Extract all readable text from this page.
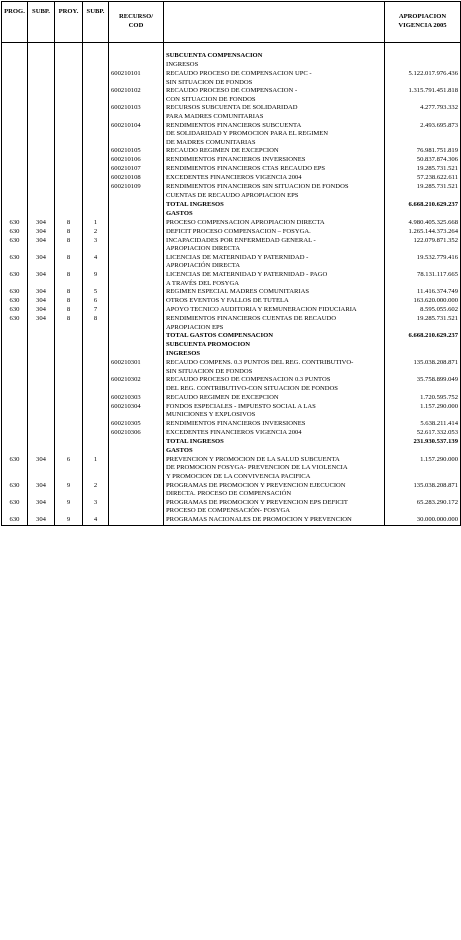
PROG.	SUBP.	PROY.	SUBP.	RECURSO/
COD		APROPIACION
VIGENCIA 2005

					SUBCUENTA COMPENSACION	

					INGRESOS	

				600210101	RECAUDO PROCESO DE COMPENSACION UPC -
SIN SITUACION DE FONDOS	5.122.017.976.436
				600210102	RECAUDO PROCESO DE COMPENSACION -
CON SITUACION DE FONDOS	1.315.791.451.818
				600210103	RECURSOS SUBCUENTA DE SOLIDARIDAD
PARA MADRES COMUNITARIAS	4.277.793.332
				600210104	RENDIMIENTOS FINANCIEROS SUBCUENTA
DE SOLIDARIDAD Y PROMOCION PARA EL REGIMEN
DE MADRES COMUNITARIAS	2.493.695.873
				600210105	RECAUDO REGIMEN DE EXCEPCION	76.981.751.819
				600210106	RENDIMIENTOS FINANCIEROS INVERSIONES	50.837.874.306
				600210107	RENDIMIENTOS FINANCIEROS CTAS RECAUDO EPS	19.285.731.521
				600210108	EXCEDENTES FINANCIEROS VIGENCIA 2004	57.238.622.611
				600210109	RENDIMIENTOS FINANCIEROS SIN SITUACION DE FONDOS
CUENTAS DE RECAUDO APROPIACION EPS	19.285.731.521

					TOTAL INGRESOS	6.668.210.629.237

					GASTOS	

630	304	8	1		PROCESO COMPENSACION APROPIACION DIRECTA	4.980.405.325.668
630	304	8	2		DEFICIT PROCESO COMPENSACION – FOSYGA.	1.265.144.373.264
630	304	8	3		INCAPACIDADES POR ENFERMEDAD GENERAL -
APROPIACION DIRECTA	122.079.871.352
630	304	8	4		LICENCIAS DE MATERNIDAD Y PATERNIDAD -
APROPIACIÓN DIRECTA	19.532.779.416
630	304	8	9		LICENCIAS DE MATERNIDAD Y PATERNIDAD - PAGO
A TRAVÉS DEL FOSYGA	78.131.117.665
630	304	8	5		REGIMEN ESPECIAL MADRES COMUNITARIAS	11.416.374.749
630	304	8	6		OTROS EVENTOS Y FALLOS DE TUTELA	163.620.000.000
630	304	8	7		APOYO TECNICO AUDITORIA Y REMUNERACION FIDUCIARIA	8.595.055.602
630	304	8	8		RENDIMIENTOS FINANCIEROS CUENTAS DE RECAUDO
APROPIACION EPS	19.285.731.521

					TOTAL GASTOS COMPENSACION	6.668.210.629.237

					SUBCUENTA PROMOCION	

					INGRESOS	

				600210301	RECAUDO COMPENS. 0.3 PUNTOS DEL REG. CONTRIBUTIVO-
SIN SITUACION DE FONDOS	135.038.208.871
				600210302	RECAUDO PROCESO DE COMPENSACION 0.3 PUNTOS
DEL REG. CONTRIBUTIVO-CON SITUACION DE FONDOS	35.758.899.049
				600210303	RECAUDO REGIMEN DE EXCEPCION	1.720.595.752
				600210304	FONDOS ESPECIALES - IMPUESTO SOCIAL A LAS
MUNICIONES Y EXPLOSIVOS	1.157.290.000
				600210305	RENDIMIENTOS FINANCIEROS INVERSIONES	5.638.211.414
				600210306	EXCEDENTES FINANCIEROS VIGENCIA 2004	52.617.332.053

					TOTAL INGRESOS	231.930.537.139

					GASTOS	

630	304	6	1		PREVENCION Y PROMOCION DE LA SALUD SUBCUENTA
DE PROMOCION FOSYGA- PREVENCION DE LA VIOLENCIA
Y PROMOCION DE LA CONVIVENCIA PACIFICA	1.157.290.000
630	304	9	2		PROGRAMAS DE PROMOCION Y PREVENCION EJECUCION
DIRECTA. PROCESO DE COMPENSACIÓN	135.038.208.871
630	304	9	3		PROGRAMAS DE PROMOCION Y PREVENCION EPS DEFICIT
PROCESO DE COMPENSACIÓN- FOSYGA	65.283.290.172
630	304	9	4		PROGRAMAS NACIONALES DE PROMOCION Y PREVENCION	30.000.000.000
